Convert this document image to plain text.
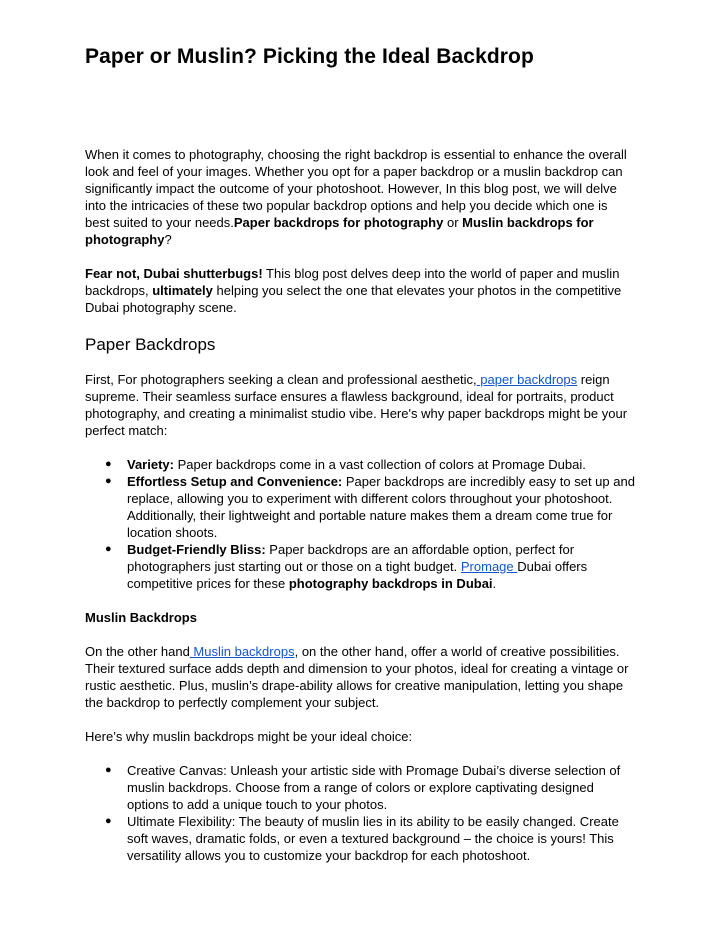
Paper or Muslin? Picking the Ideal Backdrop

When it comes to photography, choosing the right backdrop is essential to enhance the overall look and feel of your images. Whether you opt for a paper backdrop or a muslin backdrop can significantly impact the outcome of your photoshoot. However, In this blog post, we will delve into the intricacies of these two popular backdrop options and help you decide which one is best suited to your needs.Paper backdrops for photography or Muslin backdrops for photography?

Fear not, Dubai shutterbugs! This blog post delves deep into the world of paper and muslin backdrops, ultimately helping you select the one that elevates your photos in the competitive Dubai photography scene.

Paper Backdrops

First, For photographers seeking a clean and professional aesthetic, paper backdrops reign supreme. Their seamless surface ensures a flawless background, ideal for portraits, product photography, and creating a minimalist studio vibe. Here's why paper backdrops might be your perfect match:

● Variety: Paper backdrops come in a vast collection of colors at Promage Dubai.
● Effortless Setup and Convenience: Paper backdrops are incredibly easy to set up and replace, allowing you to experiment with different colors throughout your photoshoot. Additionally, their lightweight and portable nature makes them a dream come true for location shoots.
● Budget-Friendly Bliss: Paper backdrops are an affordable option, perfect for photographers just starting out or those on a tight budget. Promage Dubai offers competitive prices for these photography backdrops in Dubai.
Muslin Backdrops

On the other hand Muslin backdrops, on the other hand, offer a world of creative possibilities. Their textured surface adds depth and dimension to your photos, ideal for creating a vintage or rustic aesthetic. Plus, muslin’s drape-ability allows for creative manipulation, letting you shape the backdrop to perfectly complement your subject.

Here’s why muslin backdrops might be your ideal choice:

● Creative Canvas: Unleash your artistic side with Promage Dubai’s diverse selection of muslin backdrops. Choose from a range of colors or explore captivating designed options to add a unique touch to your photos.
● Ultimate Flexibility: The beauty of muslin lies in its ability to be easily changed. Create soft waves, dramatic folds, or even a textured background – the choice is yours! This versatility allows you to customize your backdrop for each photoshoot.
